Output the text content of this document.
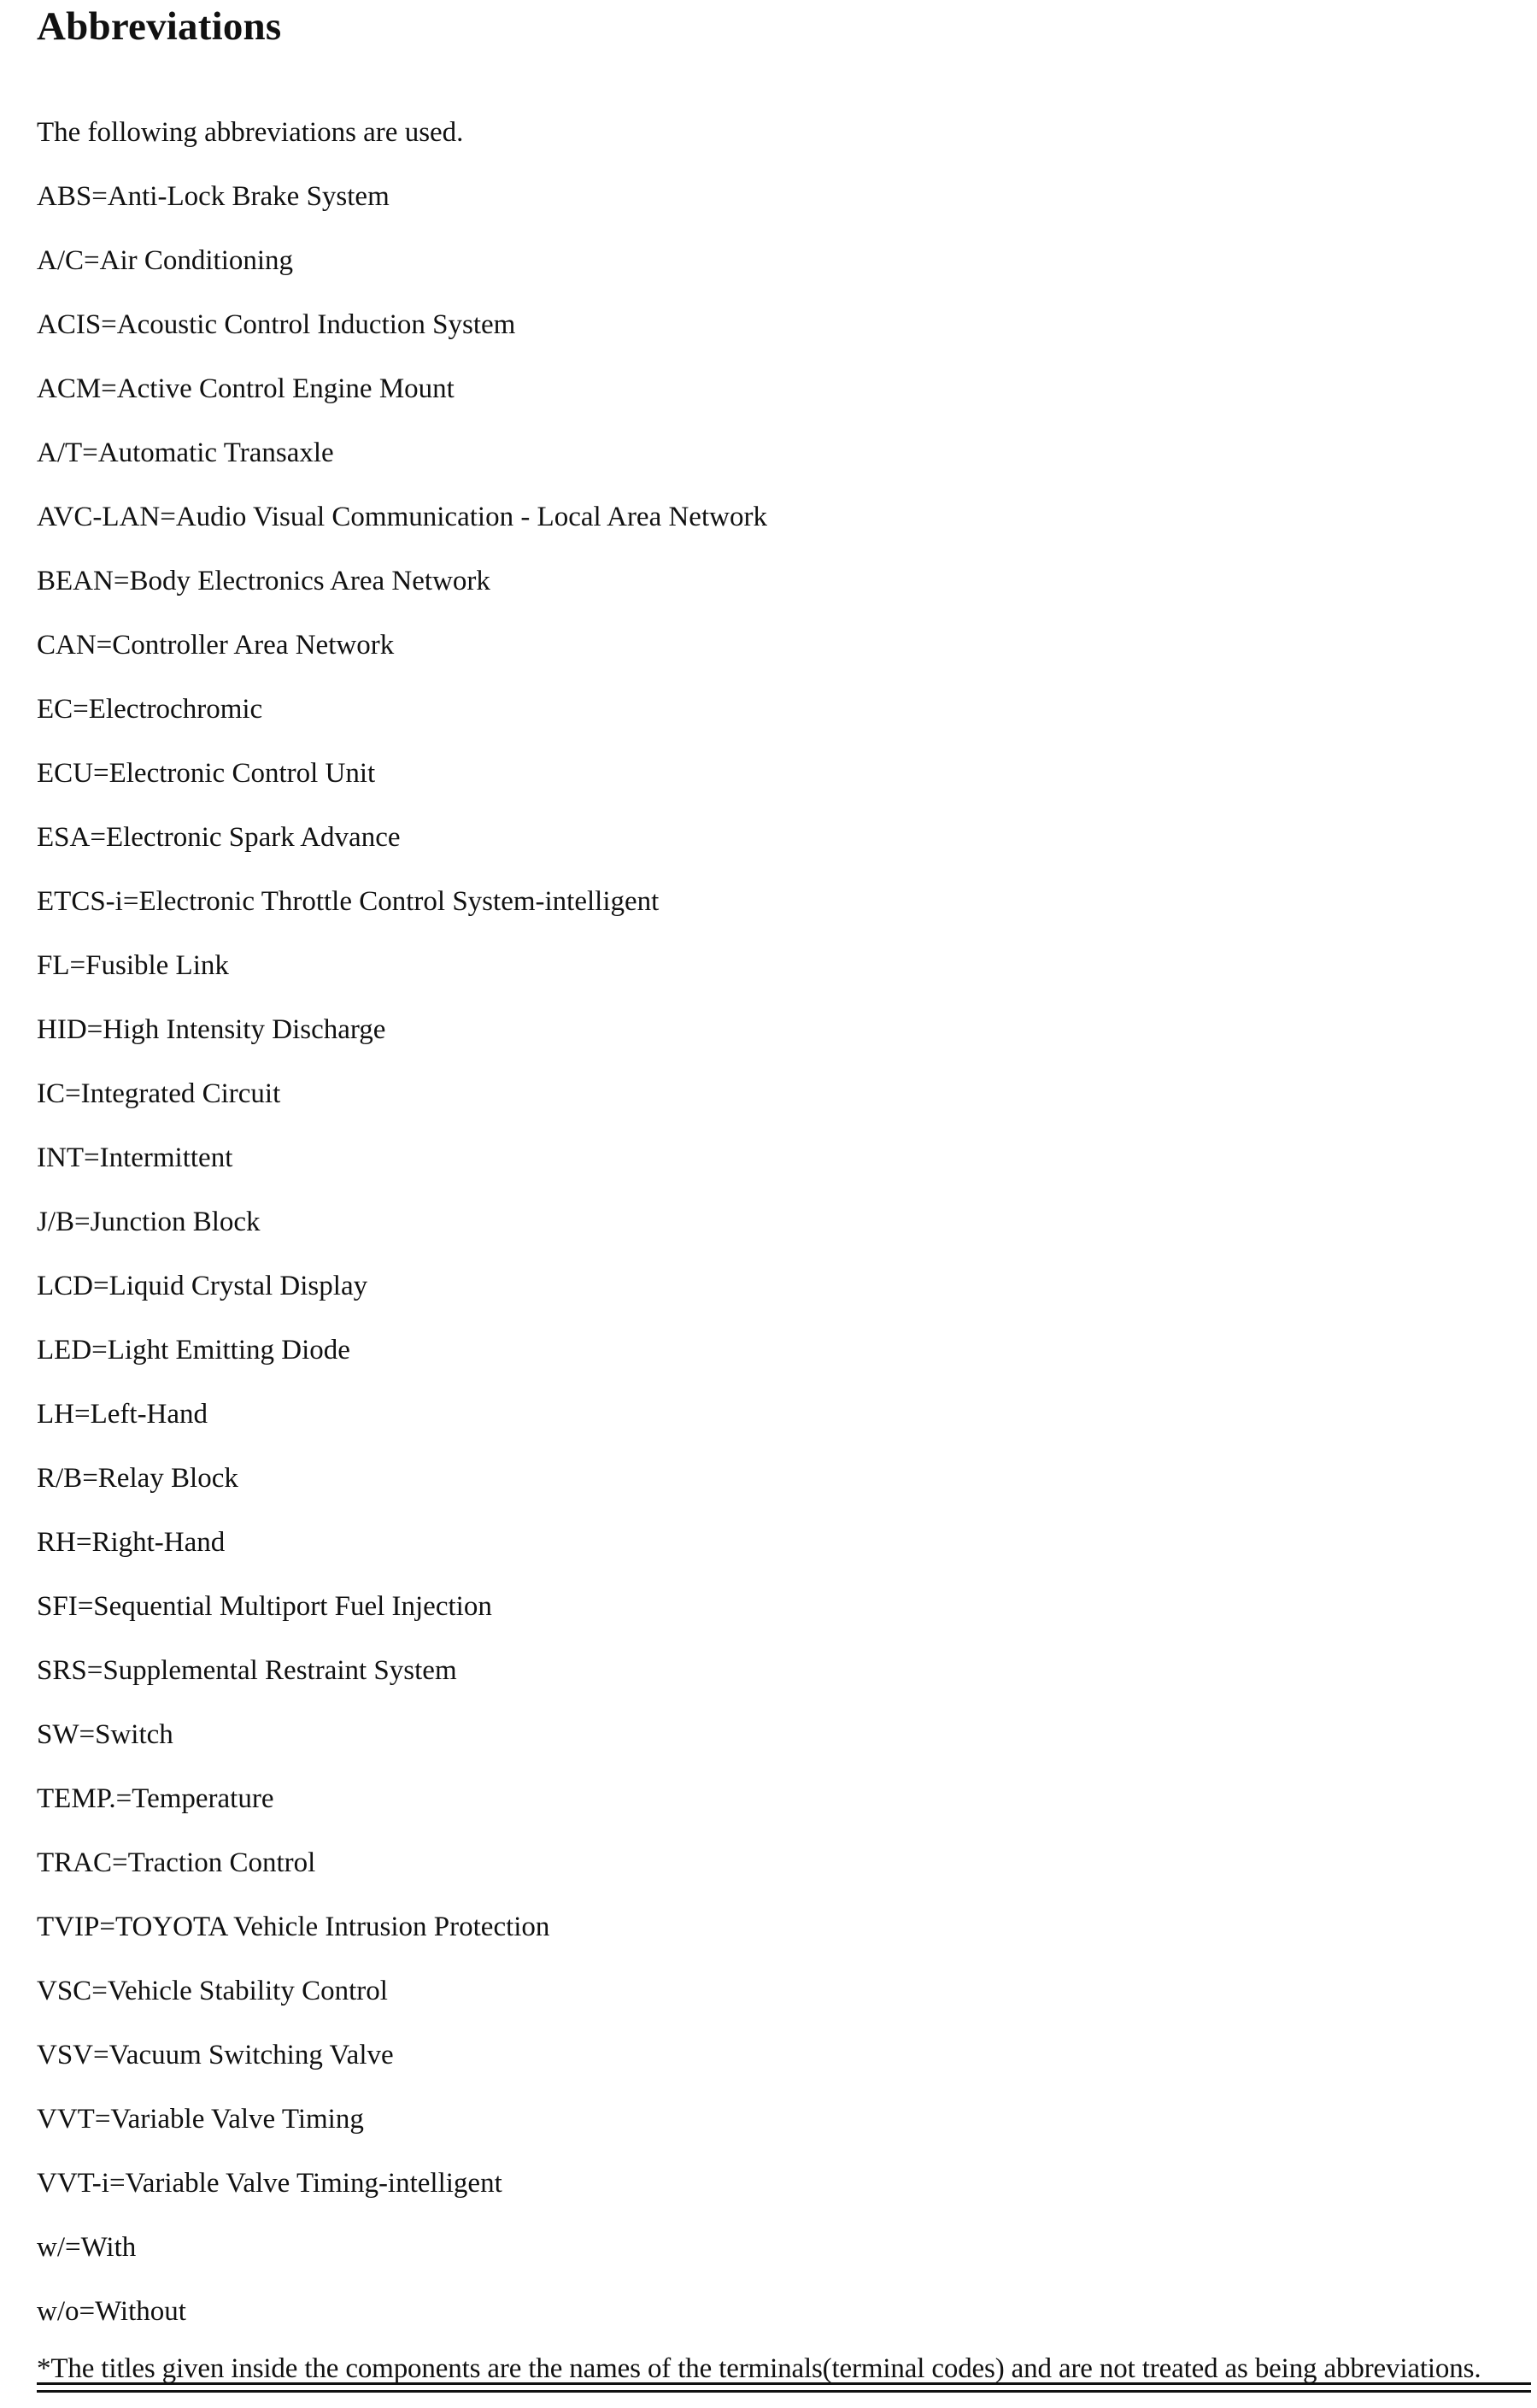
Abbreviations

The following abbreviations are used.

ABS=Anti-Lock Brake System
A/C=Air Conditioning
ACIS=Acoustic Control Induction System
ACM=Active Control Engine Mount
A/T=Automatic Transaxle
AVC-LAN=Audio Visual Communication - Local Area Network
BEAN=Body Electronics Area Network
CAN=Controller Area Network
EC=Electrochromic
ECU=Electronic Control Unit
ESA=Electronic Spark Advance
ETCS-i=Electronic Throttle Control System-intelligent
FL=Fusible Link
HID=High Intensity Discharge
IC=Integrated Circuit
INT=Intermittent
J/B=Junction Block
LCD=Liquid Crystal Display
LED=Light Emitting Diode
LH=Left-Hand
R/B=Relay Block
RH=Right-Hand
SFI=Sequential Multiport Fuel Injection
SRS=Supplemental Restraint System
SW=Switch
TEMP.=Temperature
TRAC=Traction Control
TVIP=TOYOTA Vehicle Intrusion Protection
VSC=Vehicle Stability Control
VSV=Vacuum Switching Valve
VVT=Variable Valve Timing
VVT-i=Variable Valve Timing-intelligent
w/=With
w/o=Without

*The titles given inside the components are the names of the terminals(terminal codes) and are not treated as being abbreviations.
